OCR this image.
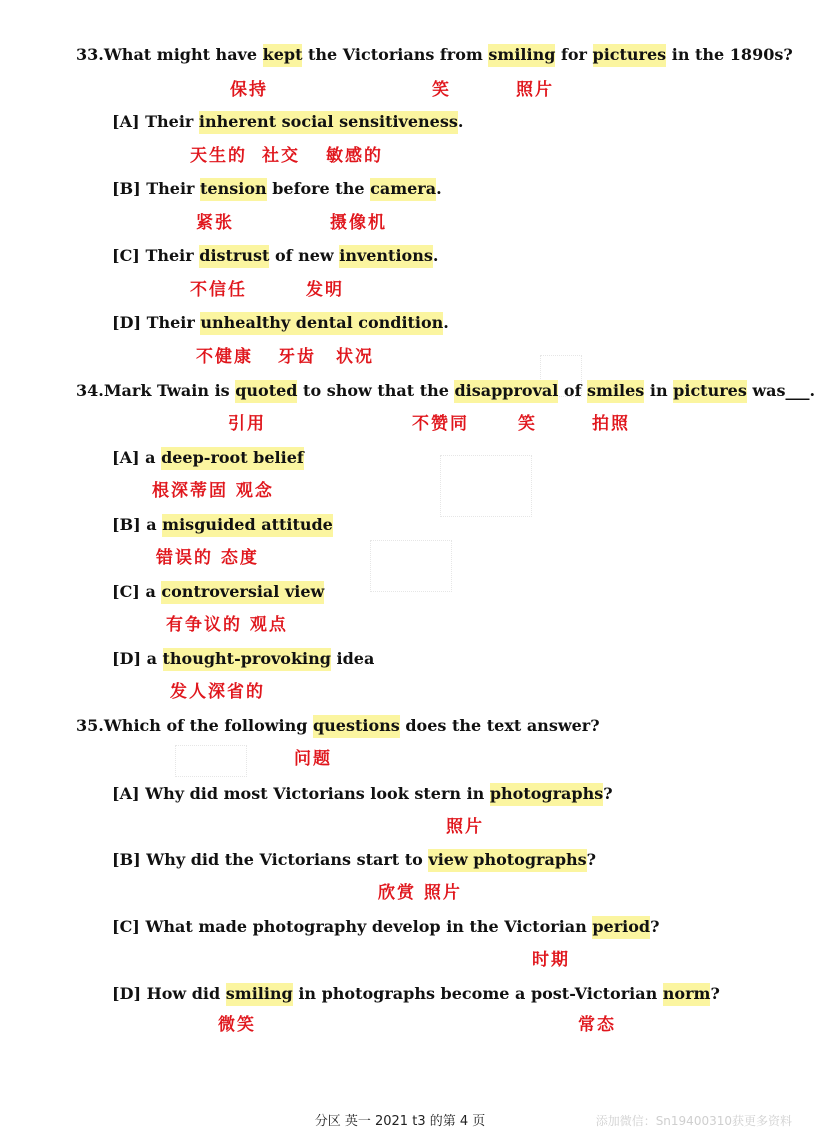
33.What might have kept the Victorians from smiling for pictures in the 1890s?
[A] Their inherent social sensitiveness.
[B] Their tension before the camera.
[C] Their distrust of new inventions.
[D] Their unhealthy dental condition.
34.Mark Twain is quoted to show that the disapproval of smiles in pictures was___.
[A] a deep-root belief
[B] a misguided attitude
[C] a controversial view
[D] a thought-provoking idea
35.Which of the following questions does the text answer?
[A] Why did most Victorians look stern in photographs?
[B] Why did the Victorians start to view photographs?
[C] What made photography develop in the Victorian period?
[D] How did smiling in photographs become a post-Victorian norm?
保持	笑	照片
天生的 社交 敏感的
紧张	摄像机
不信任	发明
不健康 牙齿 状况
引用	不赞同	笑	拍照
根深蒂固 观念
错误的 态度
有争议的 观点
发人深省的
问题
照片
欣赏 照片
时期
微笑	常态
分区 英一 2021 t3 的第 4 页	添加微信：Sn19400310获更多资料
